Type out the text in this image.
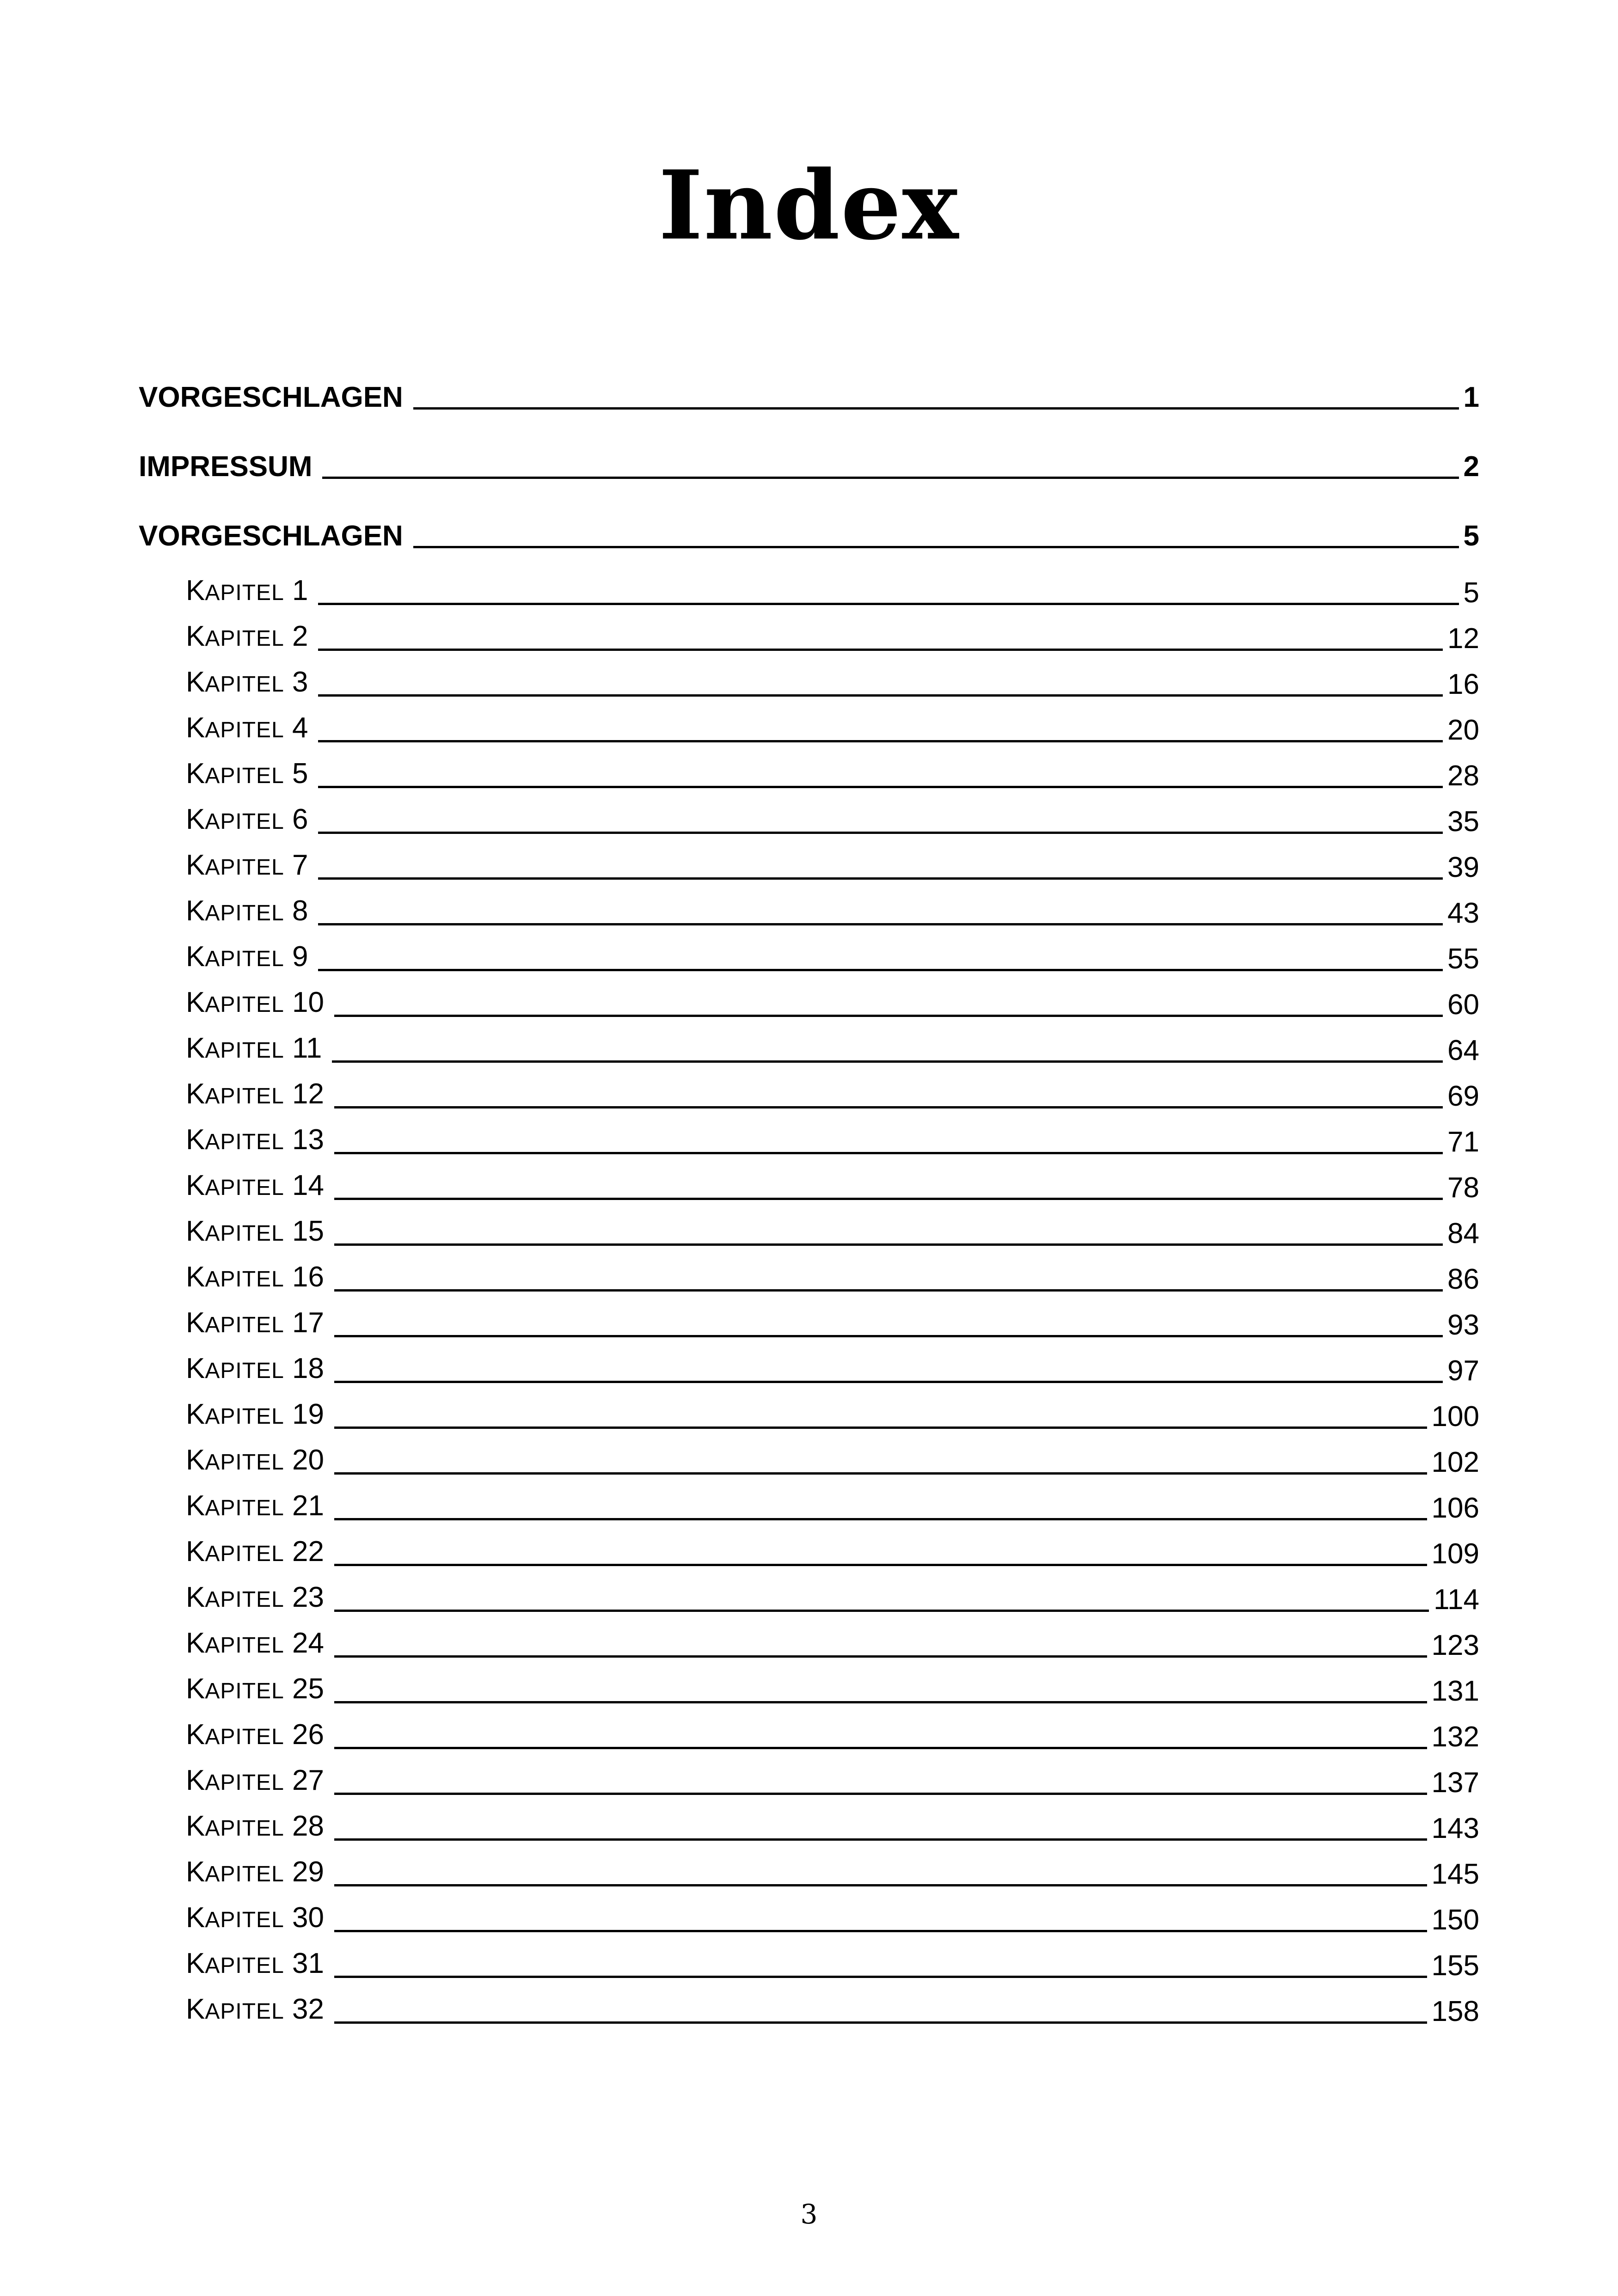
Index
VORGESCHLAGEN	1
IMPRESSUM	2
VORGESCHLAGEN	5
KAPITEL 1	5
KAPITEL 2	12
KAPITEL 3	16
KAPITEL 4	20
KAPITEL 5	28
KAPITEL 6	35
KAPITEL 7	39
KAPITEL 8	43
KAPITEL 9	55
KAPITEL 10	60
KAPITEL 11	64
KAPITEL 12	69
KAPITEL 13	71
KAPITEL 14	78
KAPITEL 15	84
KAPITEL 16	86
KAPITEL 17	93
KAPITEL 18	97
KAPITEL 19	100
KAPITEL 20	102
KAPITEL 21	106
KAPITEL 22	109
KAPITEL 23	114
KAPITEL 24	123
KAPITEL 25	131
KAPITEL 26	132
KAPITEL 27	137
KAPITEL 28	143
KAPITEL 29	145
KAPITEL 30	150
KAPITEL 31	155
KAPITEL 32	158
3
